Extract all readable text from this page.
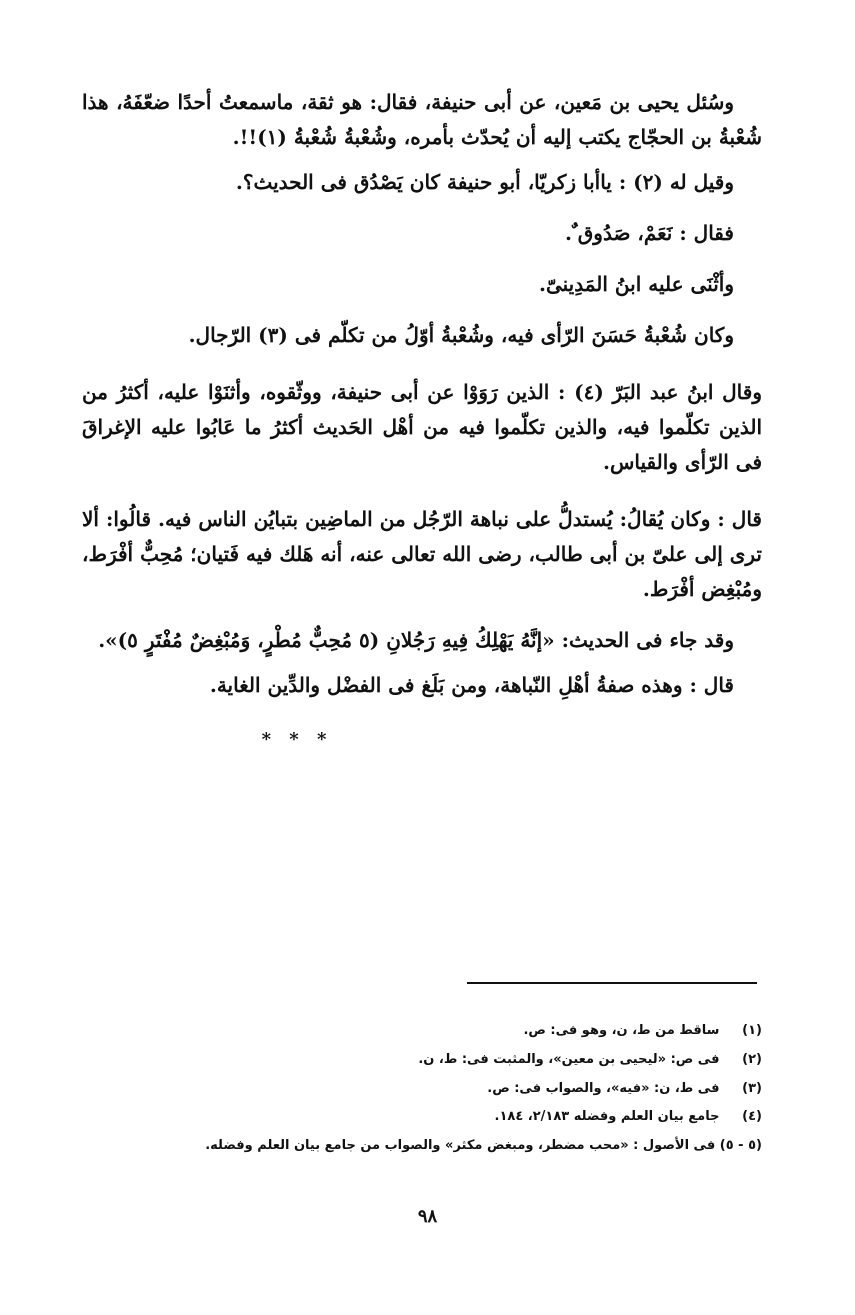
وسُئل يحيى بن مَعين، عن أبى حنيفة، فقال: هو ثقة، ماسمعتُ أحدًا ضعّفَهُ، هذا شُعْبةُ بن الحجّاج يكتب إليه أن يُحدّث بأمره، وشُعْبةُ شُعْبةُ (١)!!.

وقيل له (٢) : ياأبا زكريّا، أبو حنيفة كان يَصْدُق فى الحديث؟.

فقال : نَعَمْ، صَدُوق ٌ.

وأثْنَى عليه ابنُ المَدِينىّ.

وكان شُعْبةُ حَسَنَ الرّأى فيه، وشُعْبةُ أوّلُ من تكلّم فى (٣) الرّجال.

وقال ابنُ عبد البَرّ (٤) : الذين رَوَوْا عن أبى حنيفة، ووثّقوه، وأثنَوْا عليه، أكثرُ من الذين تكلّموا فيه، والذين تكلّموا فيه من أهْل الحَديث أكثرُ ما عَابُوا عليه الإغراقَ فى الرّأى والقياس.

قال : وكان يُقالُ: يُستدلُّ على نباهة الرّجُل من الماضِين بتبايُن الناس فيه. قالُوا: ألا ترى إلى علىّ بن أبى طالب، رضى الله تعالى عنه، أنه هَلك فيه فَتيان؛ مُحِبٌّ أفْرَط، ومُبْغِض أفْرَط.

وقد جاء فى الحديث: «إنَّهُ يَهْلِكُ فِيهِ رَجُلانِ (٥ مُحِبٌّ مُطْرٍ، وَمُبْغِضٌ مُفْتَرٍ ٥)».

قال : وهذه صفةُ أهْلِ النّباهة، ومن بَلَغ فى الفضْل والدِّين الغاية.

* * *

(١) ساقط من ط، ن، وهو فى: ص.

(٢) فى ص: «ليحيى بن معين»، والمثبت فى: ط، ن.

(٣) فى ط، ن: «فيه»، والصواب فى: ص.

(٤) جامع بيان العلم وفضله ٢/١٨٣، ١٨٤.

(٥ - ٥) فى الأصول : «محب مضطر، ومبغض مكثر» والصواب من جامع بيان العلم وفضله.

٩٨
